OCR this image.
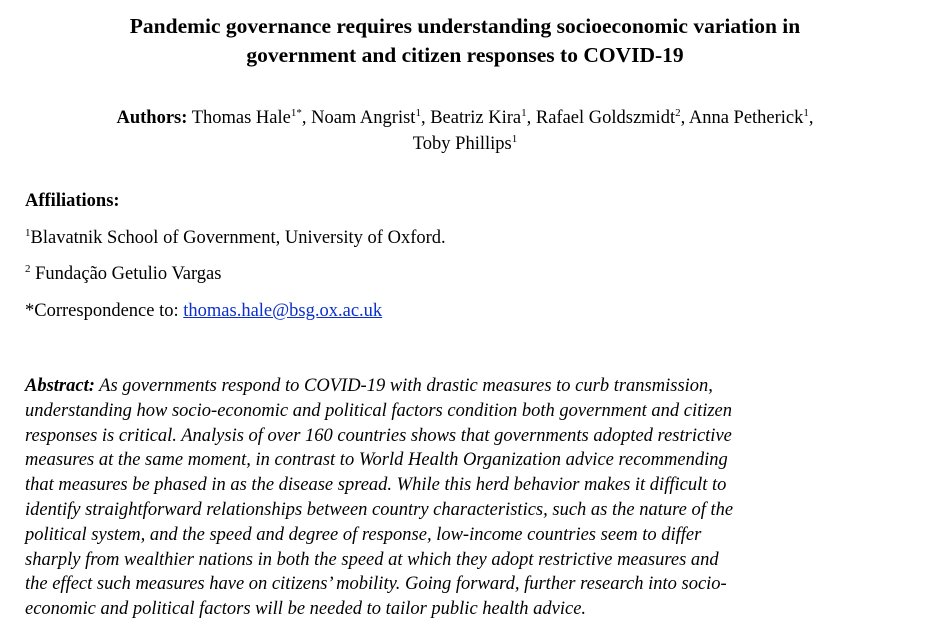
Pandemic governance requires understanding socioeconomic variation in
government and citizen responses to COVID-19

Authors: Thomas Hale$^{1*}$, Noam Angrist$^1$, Beatriz Kira$^1$, Rafael Goldszmidt$^2$, Anna Petherick$^1$,
Toby Phillips$^1$

Affiliations:

$^1$Blavatnik School of Government, University of Oxford.

$^2$ Fundação Getulio Vargas

*Correspondence to: thomas.hale@bsg.ox.ac.uk

Abstract: As governments respond to COVID-19 with drastic measures to curb transmission,
understanding how socio-economic and political factors condition both government and citizen
responses is critical. Analysis of over 160 countries shows that governments adopted restrictive
measures at the same moment, in contrast to World Health Organization advice recommending
that measures be phased in as the disease spread. While this herd behavior makes it difficult to
identify straightforward relationships between country characteristics, such as the nature of the
political system, and the speed and degree of response, low-income countries seem to differ
sharply from wealthier nations in both the speed at which they adopt restrictive measures and
the effect such measures have on citizens’ mobility. Going forward, further research into socio-
economic and political factors will be needed to tailor public health advice.
